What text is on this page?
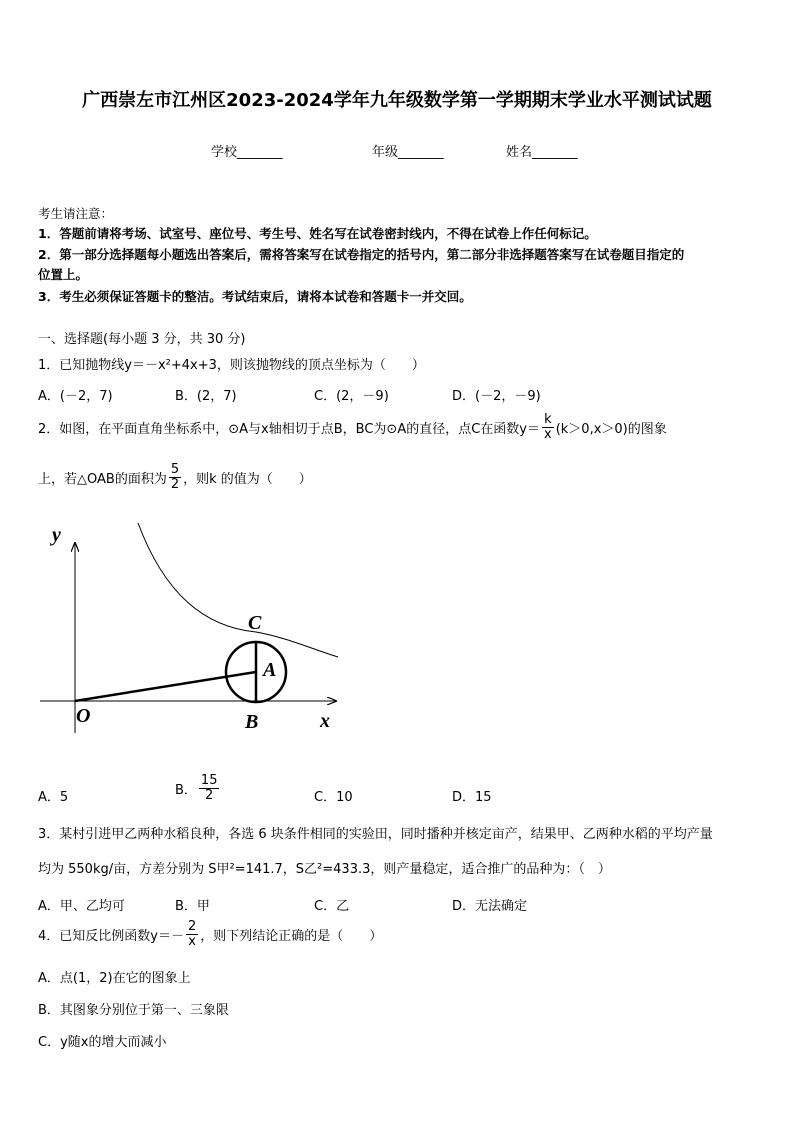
广西崇左市江州区2023-2024学年九年级数学第一学期期末学业水平测试试题
学校_______	年级_______	姓名_______
考生请注意：
1．答题前请将考场、试室号、座位号、考生号、姓名写在试卷密封线内，不得在试卷上作任何标记。
2．第一部分选择题每小题选出答案后，需将答案写在试卷指定的括号内，第二部分非选择题答案写在试卷题目指定的
位置上。
3．考生必须保证答题卡的整洁。考试结束后，请将本试卷和答题卡一并交回。
一、选择题(每小题 3 分，共 30 分)
1．已知抛物线y＝－x²+4x+3，则该抛物线的顶点坐标为（　　）
A．(－2，7)	B．(2，7)	C．(2，－9)	D．(－2，－9)
2．如图，在平面直角坐标系中，⊙A与x轴相切于点B，BC为⊙A的直径，点C在函数$y= \frac{k}{x} (k>0,x>0)$的图象
上，若△OAB的面积为 $\frac{5}{2}$ ，则k 的值为（　　）
y
x
O	B
A
C
A．5	B． $\frac{15}{2}$	C．10	D．15
3．某村引进甲乙两种水稻良种，各选 6 块条件相同的实验田，同时播种并核定亩产，结果甲、乙两种水稻的平均产量
均为 550kg/亩，方差分别为 S甲²=141.7，S乙²=433.3，则产量稳定，适合推广的品种为：（　）
A．甲、乙均可	B．甲	C．乙	D．无法确定
4．已知反比例函数$y=- \frac{2}{x}$ ，则下列结论正确的是（　　）
A．点(1，2)在它的图象上
B．其图象分别位于第一、三象限
C．y随x的增大而减小
